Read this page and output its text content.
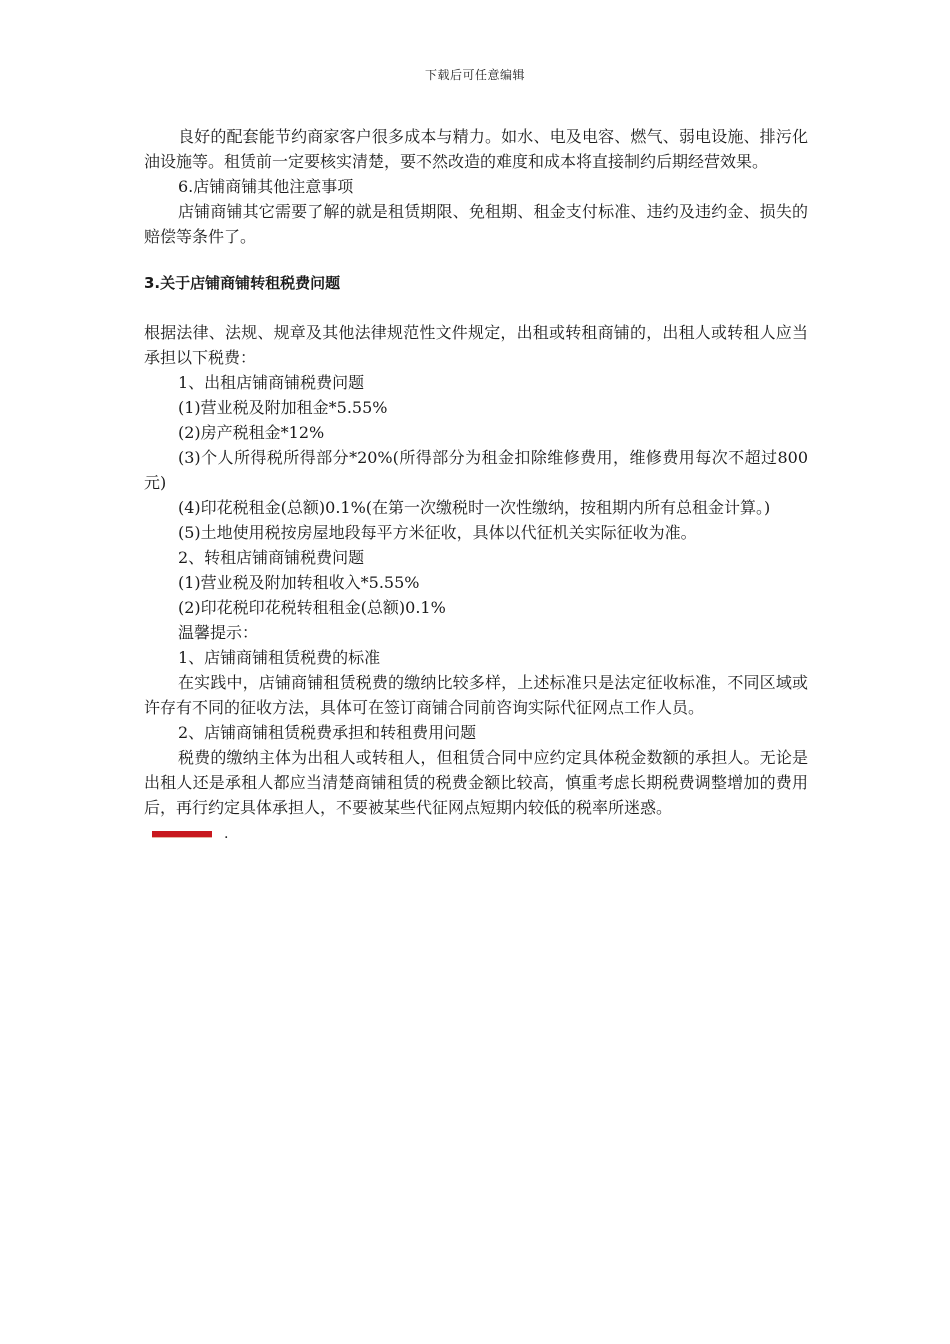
下载后可任意编辑

良好的配套能节约商家客户很多成本与精力。如水、电及电容、燃气、弱电设施、排污化油设施等。租赁前一定要核实清楚，要不然改造的难度和成本将直接制约后期经营效果。

6.店铺商铺其他注意事项

店铺商铺其它需要了解的就是租赁期限、免租期、租金支付标准、违约及违约金、损失的赔偿等条件了。

3.关于店铺商铺转租税费问题

根据法律、法规、规章及其他法律规范性文件规定，出租或转租商铺的，出租人或转租人应当承担以下税费：

1、出租店铺商铺税费问题

(1)营业税及附加租金*5.55%

(2)房产税租金*12%

(3)个人所得税所得部分*20%(所得部分为租金扣除维修费用，维修费用每次不超过800元)

(4)印花税租金(总额)0.1%(在第一次缴税时一次性缴纳，按租期内所有总租金计算。)

(5)土地使用税按房屋地段每平方米征收，具体以代征机关实际征收为准。

2、转租店铺商铺税费问题

(1)营业税及附加转租收入*5.55%

(2)印花税印花税转租租金(总额)0.1%

温馨提示：

1、店铺商铺租赁税费的标准

在实践中，店铺商铺租赁税费的缴纳比较多样，上述标准只是法定征收标准，不同区域或许存有不同的征收方法，具体可在签订商铺合同前咨询实际代征网点工作人员。

2、店铺商铺租赁税费承担和转租费用问题

税费的缴纳主体为出租人或转租人，但租赁合同中应约定具体税金数额的承担人。无论是出租人还是承租人都应当清楚商铺租赁的税费金额比较高，慎重考虑长期税费调整增加的费用后，再行约定具体承担人，不要被某些代征网点短期内较低的税率所迷惑。

.
